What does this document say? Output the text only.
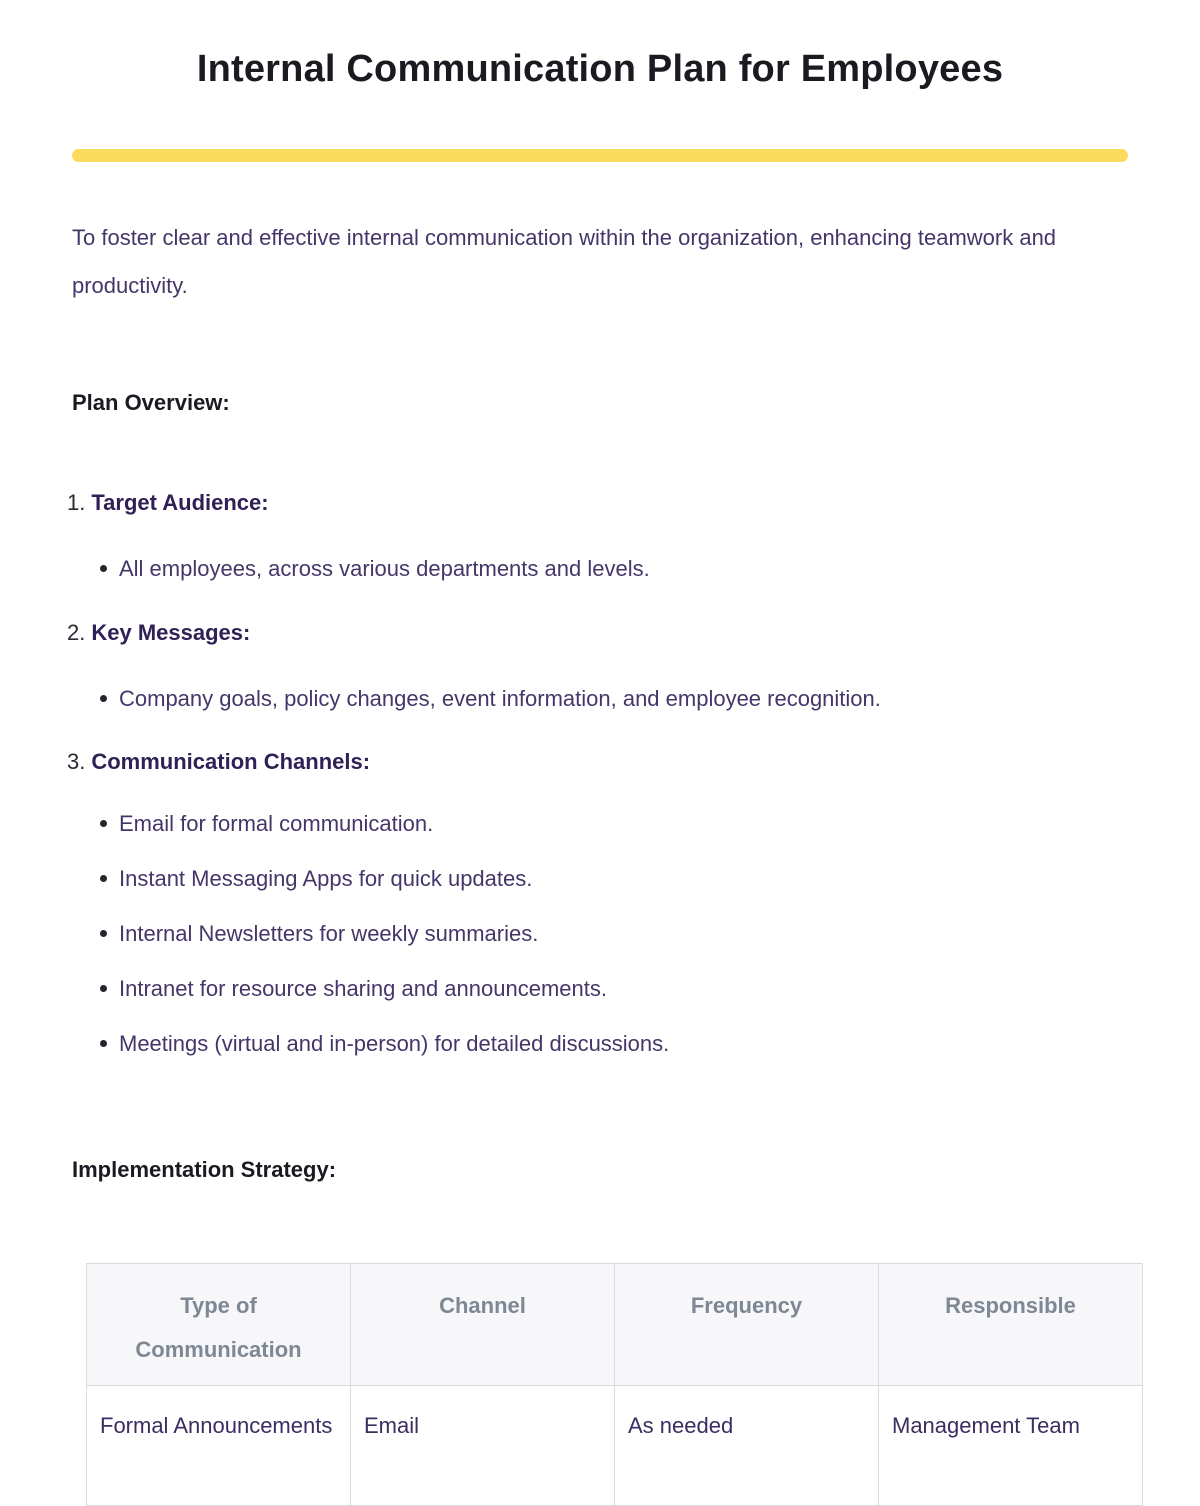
Internal Communication Plan for Employees

To foster clear and effective internal communication within the organization, enhancing teamwork and productivity.

Plan Overview:
1. Target Audience:
All employees, across various departments and levels.
2. Key Messages:
Company goals, policy changes, event information, and employee recognition.
3. Communication Channels:
Email for formal communication.
Instant Messaging Apps for quick updates.
Internal Newsletters for weekly summaries.
Intranet for resource sharing and announcements.
Meetings (virtual and in-person) for detailed discussions.
Implementation Strategy:
Type of Communication	Channel	Frequency	Responsible
Formal Announcements	Email	As needed	Management Team
